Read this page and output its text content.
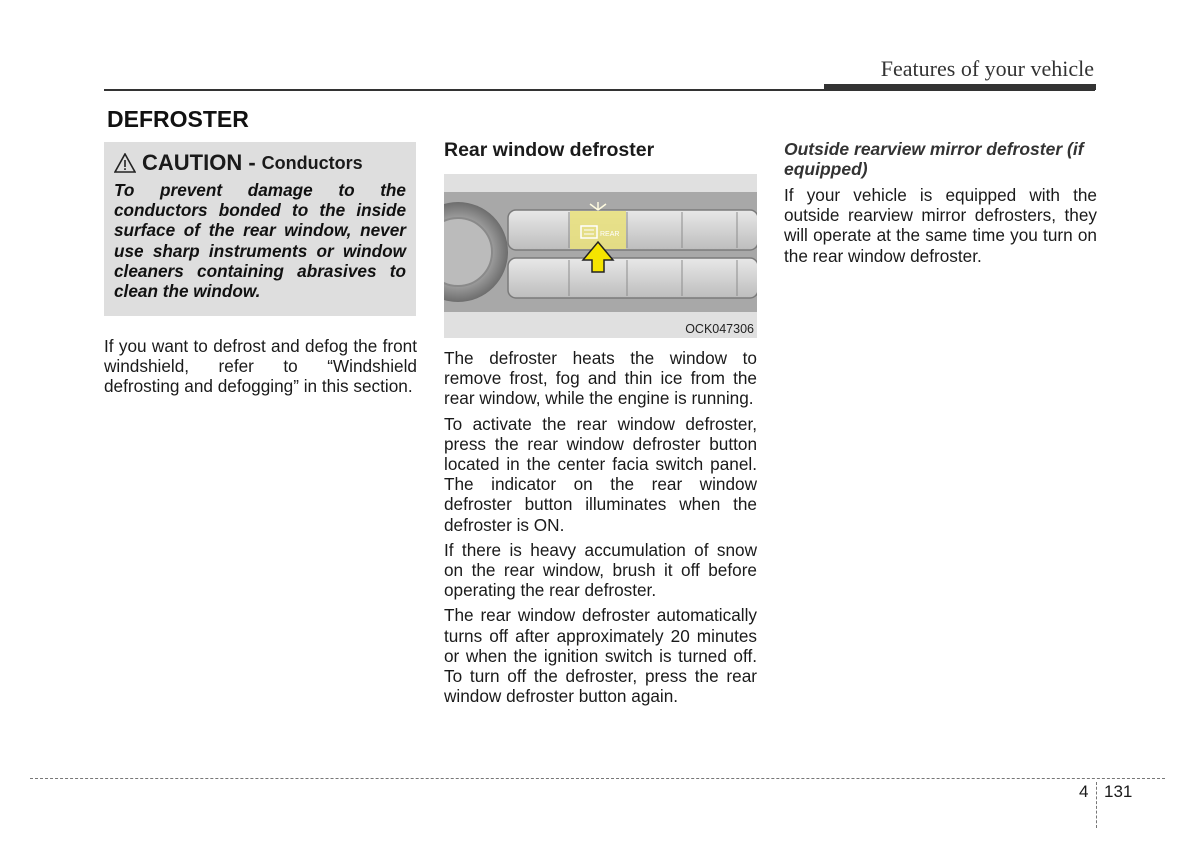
Features of your vehicle
DEFROSTER
CAUTION - Conductors
To prevent damage to the conductors bonded to the inside surface of the rear window, never use sharp instruments or window cleaners containing abrasives to clean the window.

If you want to defrost and defog the front windshield, refer to “Windshield defrosting and defogging” in this section.

Rear window defroster
REAR
OCK047306

The defroster heats the window to remove frost, fog and thin ice from the rear window, while the engine is running.

To activate the rear window defroster, press the rear window defroster button located in the center facia switch panel. The indicator on the rear window defroster button illuminates when the defroster is ON.

If there is heavy accumulation of snow on the rear window, brush it off before operating the rear defroster.

The rear window defroster automatically turns off after approximately 20 minutes or when the ignition switch is turned off. To turn off the defroster, press the rear window defroster button again.

Outside rearview mirror defroster (if equipped)

If your vehicle is equipped with the outside rearview mirror defrosters, they will operate at the same time you turn on the rear window defroster.

4 131
